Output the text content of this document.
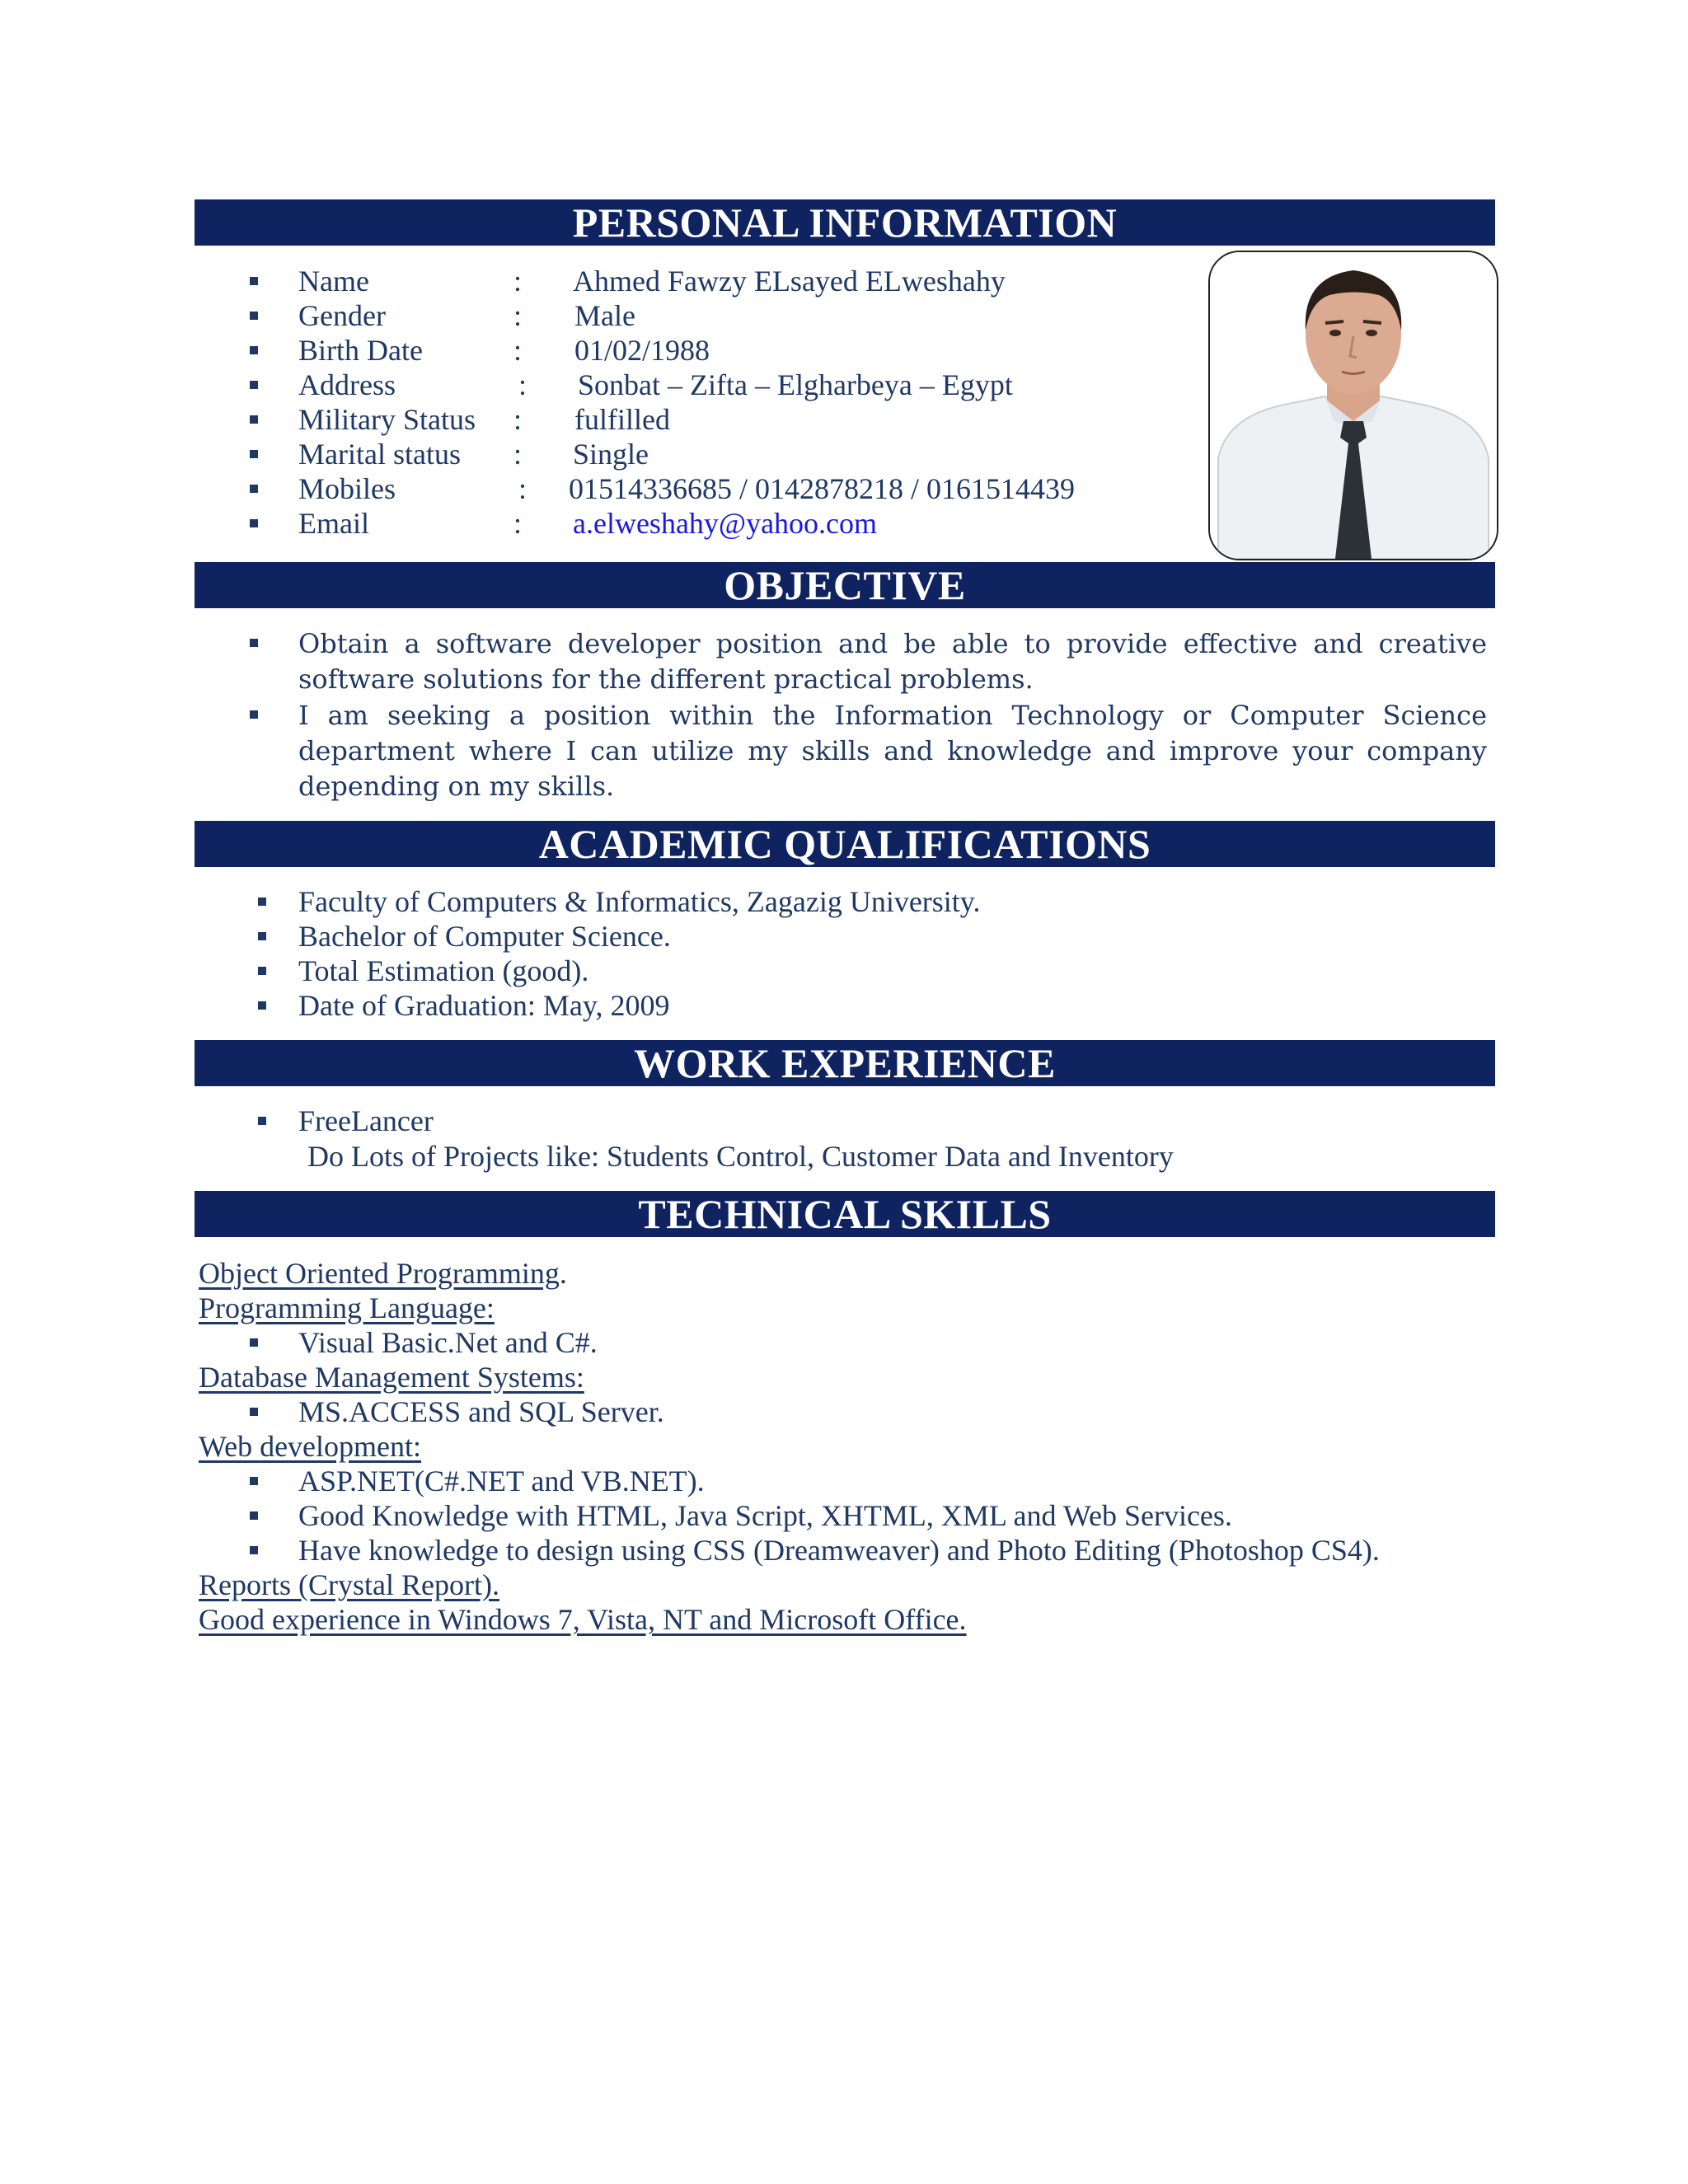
PERSONAL INFORMATION
Name	: Ahmed Fawzy ELsayed ELweshahy
Gender	: Male
Birth Date	: 01/02/1988
Address	: Sonbat – Zifta – Elgharbeya – Egypt
Military Status : fulfilled
Marital status : Single
Mobiles	: 01514336685 / 0142878218 / 0161514439
Email	: a.elweshahy@yahoo.com
OBJECTIVE
Obtain a software developer position and be able to provide effective and creative software solutions for the different practical problems.
I am seeking a position within the Information Technology or Computer Science department where I can utilize my skills and knowledge and improve your company depending on my skills.
ACADEMIC QUALIFICATIONS
Faculty of Computers & Informatics, Zagazig University.
Bachelor of Computer Science.
Total Estimation (good).
Date of Graduation: May, 2009
WORK EXPERIENCE
FreeLancer
Do Lots of Projects like: Students Control, Customer Data and Inventory
TECHNICAL SKILLS
Object Oriented Programming.
Programming Language:
Visual Basic.Net and C#.
Database Management Systems:
MS.ACCESS and SQL Server.
Web development:
ASP.NET(C#.NET and VB.NET).
Good Knowledge with HTML, Java Script, XHTML, XML and Web Services.
Have knowledge to design using CSS (Dreamweaver) and Photo Editing (Photoshop CS4).
Reports (Crystal Report).
Good experience in Windows 7, Vista, NT and Microsoft Office.
